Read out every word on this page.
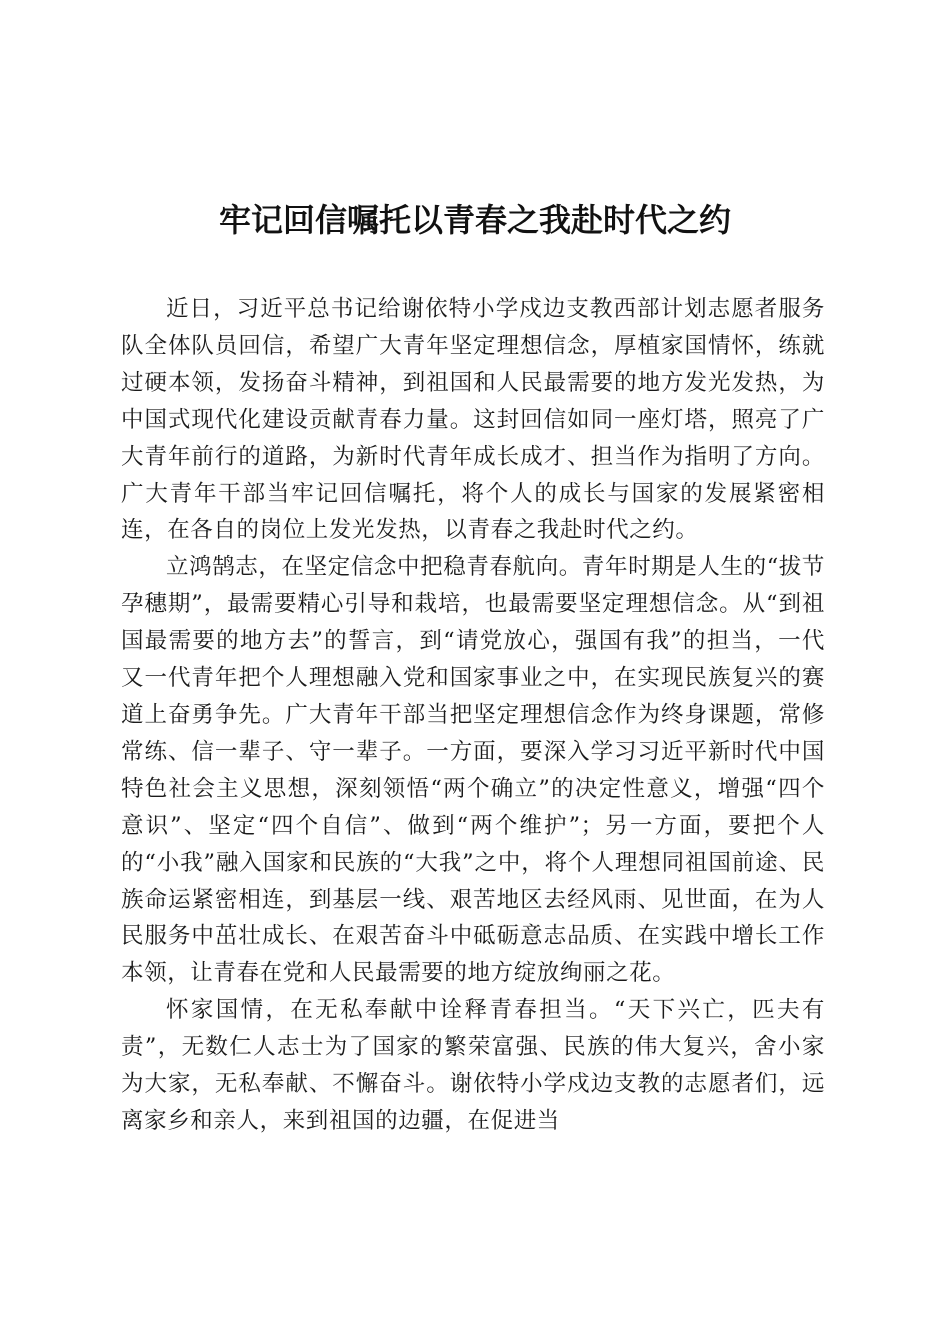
牢记回信嘱托以青春之我赴时代之约

近日，习近平总书记给谢依特小学戍边支教西部计划志愿者服务队全体队员回信，希望广大青年坚定理想信念，厚植家国情怀，练就过硬本领，发扬奋斗精神，到祖国和人民最需要的地方发光发热，为中国式现代化建设贡献青春力量。这封回信如同一座灯塔，照亮了广大青年前行的道路，为新时代青年成长成才、担当作为指明了方向。广大青年干部当牢记回信嘱托，将个人的成长与国家的发展紧密相连，在各自的岗位上发光发热，以青春之我赴时代之约。

立鸿鹄志，在坚定信念中把稳青春航向。青年时期是人生的“拔节孕穗期”，最需要精心引导和栽培，也最需要坚定理想信念。从“到祖国最需要的地方去”的誓言，到“请党放心，强国有我”的担当，一代又一代青年把个人理想融入党和国家事业之中，在实现民族复兴的赛道上奋勇争先。广大青年干部当把坚定理想信念作为终身课题，常修常练、信一辈子、守一辈子。一方面，要深入学习习近平新时代中国特色社会主义思想，深刻领悟“两个确立”的决定性意义，增强“四个意识”、坚定“四个自信”、做到“两个维护”；另一方面，要把个人的“小我”融入国家和民族的“大我”之中，将个人理想同祖国前途、民族命运紧密相连，到基层一线、艰苦地区去经风雨、见世面，在为人民服务中茁壮成长、在艰苦奋斗中砥砺意志品质、在实践中增长工作本领，让青春在党和人民最需要的地方绽放绚丽之花。

怀家国情，在无私奉献中诠释青春担当。“天下兴亡，匹夫有责”，无数仁人志士为了国家的繁荣富强、民族的伟大复兴，舍小家为大家，无私奉献、不懈奋斗。谢依特小学戍边支教的志愿者们，远离家乡和亲人，来到祖国的边疆，在促进当
